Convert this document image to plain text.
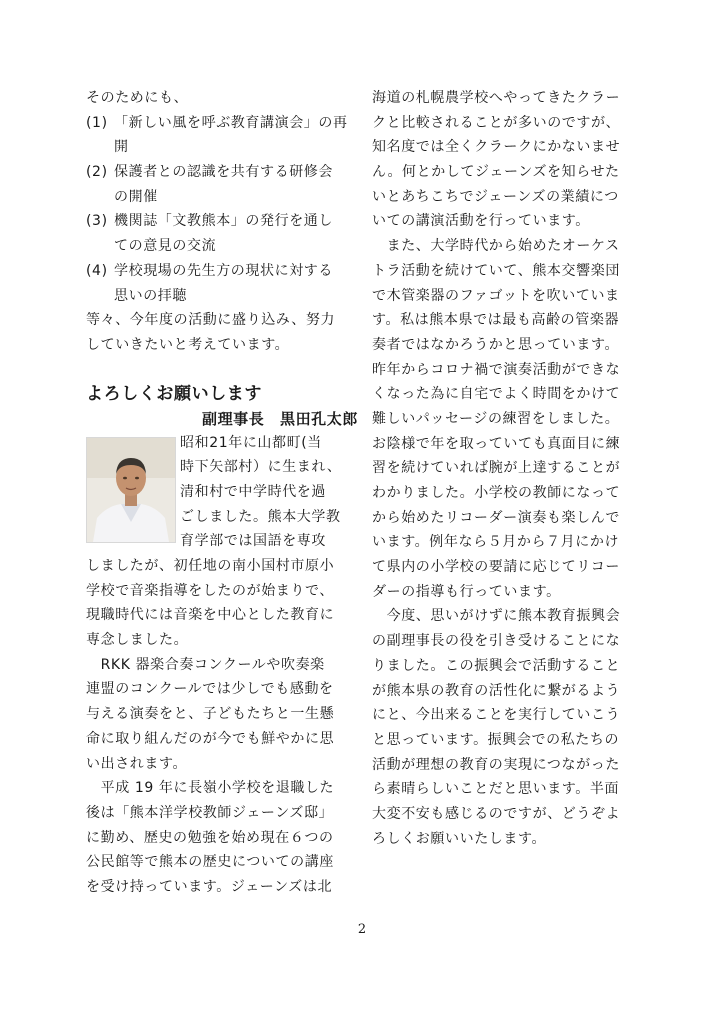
そのためにも、
(1) 「新しい風を呼ぶ教育講演会」の再
開
(2) 保護者との認識を共有する研修会
の開催
(3) 機関誌「文教熊本」の発行を通し
ての意見の交流
(4) 学校現場の先生方の現状に対する
思いの拝聴
等々、今年度の活動に盛り込み、努力
していきたいと考えています。
よろしくお願いします
副理事長　黒田孔太郎
昭和21年に山都町(当
時下矢部村）に生まれ、
清和村で中学時代を過
ごしました。熊本大学教
育学部では国語を専攻
しましたが、初任地の南小国村市原小
学校で音楽指導をしたのが始まりで、
現職時代には音楽を中心とした教育に
専念しました。
　RKK 器楽合奏コンクールや吹奏楽
連盟のコンクールでは少しでも感動を
与える演奏をと、子どもたちと一生懸
命に取り組んだのが今でも鮮やかに思
い出されます。
　平成 19 年に長嶺小学校を退職した
後は「熊本洋学校教師ジェーンズ邸」
に勤め、歴史の勉強を始め現在６つの
公民館等で熊本の歴史についての講座
を受け持っています。ジェーンズは北
海道の札幌農学校へやってきたクラー
クと比較されることが多いのですが、
知名度では全くクラークにかないませ
ん。何とかしてジェーンズを知らせた
いとあちこちでジェーンズの業績につ
いての講演活動を行っています。
　また、大学時代から始めたオーケス
トラ活動を続けていて、熊本交響楽団
で木管楽器のファゴットを吹いていま
す。私は熊本県では最も高齢の管楽器
奏者ではなかろうかと思っています。
昨年からコロナ禍で演奏活動ができな
くなった為に自宅でよく時間をかけて
難しいパッセージの練習をしました。
お陰様で年を取っていても真面目に練
習を続けていれば腕が上達することが
わかりました。小学校の教師になって
から始めたリコーダー演奏も楽しんで
います。例年なら５月から７月にかけ
て県内の小学校の要請に応じてリコー
ダーの指導も行っています。
　今度、思いがけずに熊本教育振興会
の副理事長の役を引き受けることにな
りました。この振興会で活動すること
が熊本県の教育の活性化に繋がるよう
にと、今出来ることを実行していこう
と思っています。振興会での私たちの
活動が理想の教育の実現につながった
ら素晴らしいことだと思います。半面
大変不安も感じるのですが、どうぞよ
ろしくお願いいたします。
2
